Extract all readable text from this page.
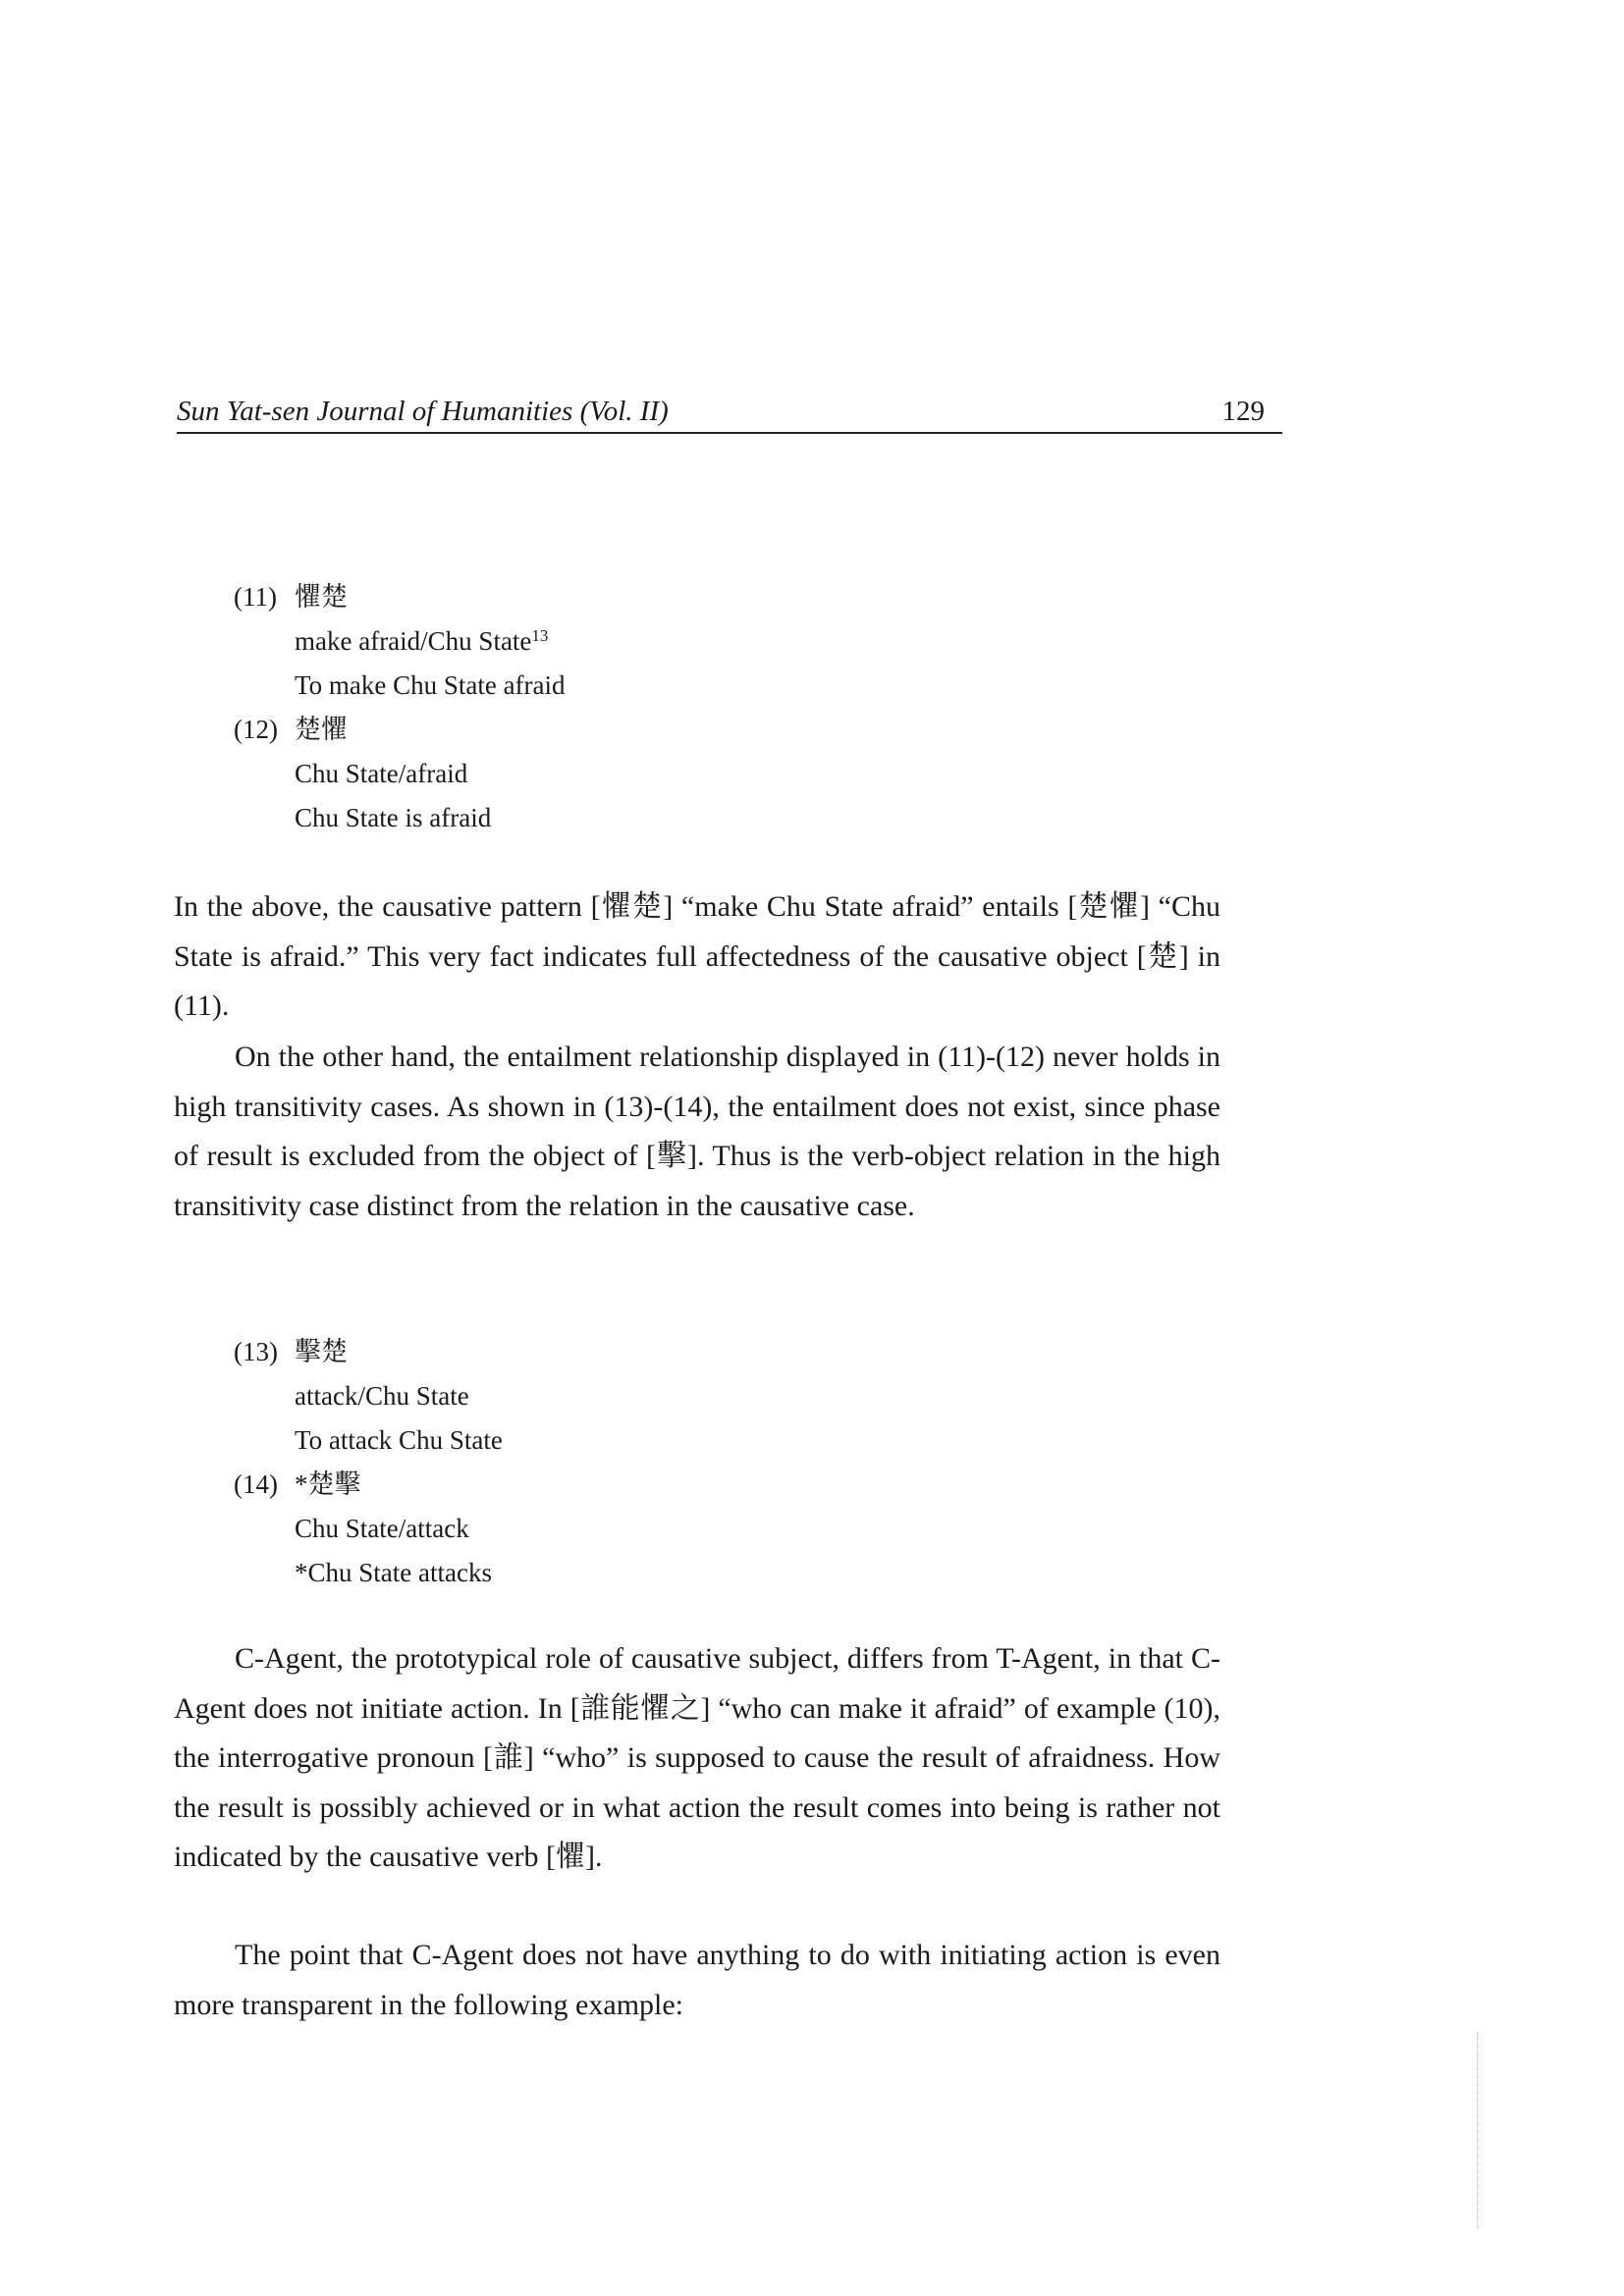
Sun Yat-sen Journal of Humanities (Vol. II)	129
(11) 懼楚
make afraid/Chu State$^{13}$
To make Chu State afraid
(12) 楚懼
Chu State/afraid
Chu State is afraid

In the above, the causative pattern [懼楚] “make Chu State afraid” entails [楚懼] “Chu State is afraid.” This very fact indicates full affectedness of the causative object [楚] in (11).

On the other hand, the entailment relationship displayed in (11)-(12) never holds in high transitivity cases. As shown in (13)-(14), the entailment does not exist, since phase of result is excluded from the object of [擊]. Thus is the verb-object relation in the high transitivity case distinct from the relation in the causative case.

(13) 擊楚
attack/Chu State
To attack Chu State
(14) *楚擊
Chu State/attack
*Chu State attacks

C-Agent, the prototypical role of causative subject, differs from T-Agent, in that C-Agent does not initiate action. In [誰能懼之] “who can make it afraid” of example (10), the interrogative pronoun [誰] “who” is supposed to cause the result of afraidness. How the result is possibly achieved or in what action the result comes into being is rather not indicated by the causative verb [懼].

The point that C-Agent does not have anything to do with initiating action is even more transparent in the following example:
